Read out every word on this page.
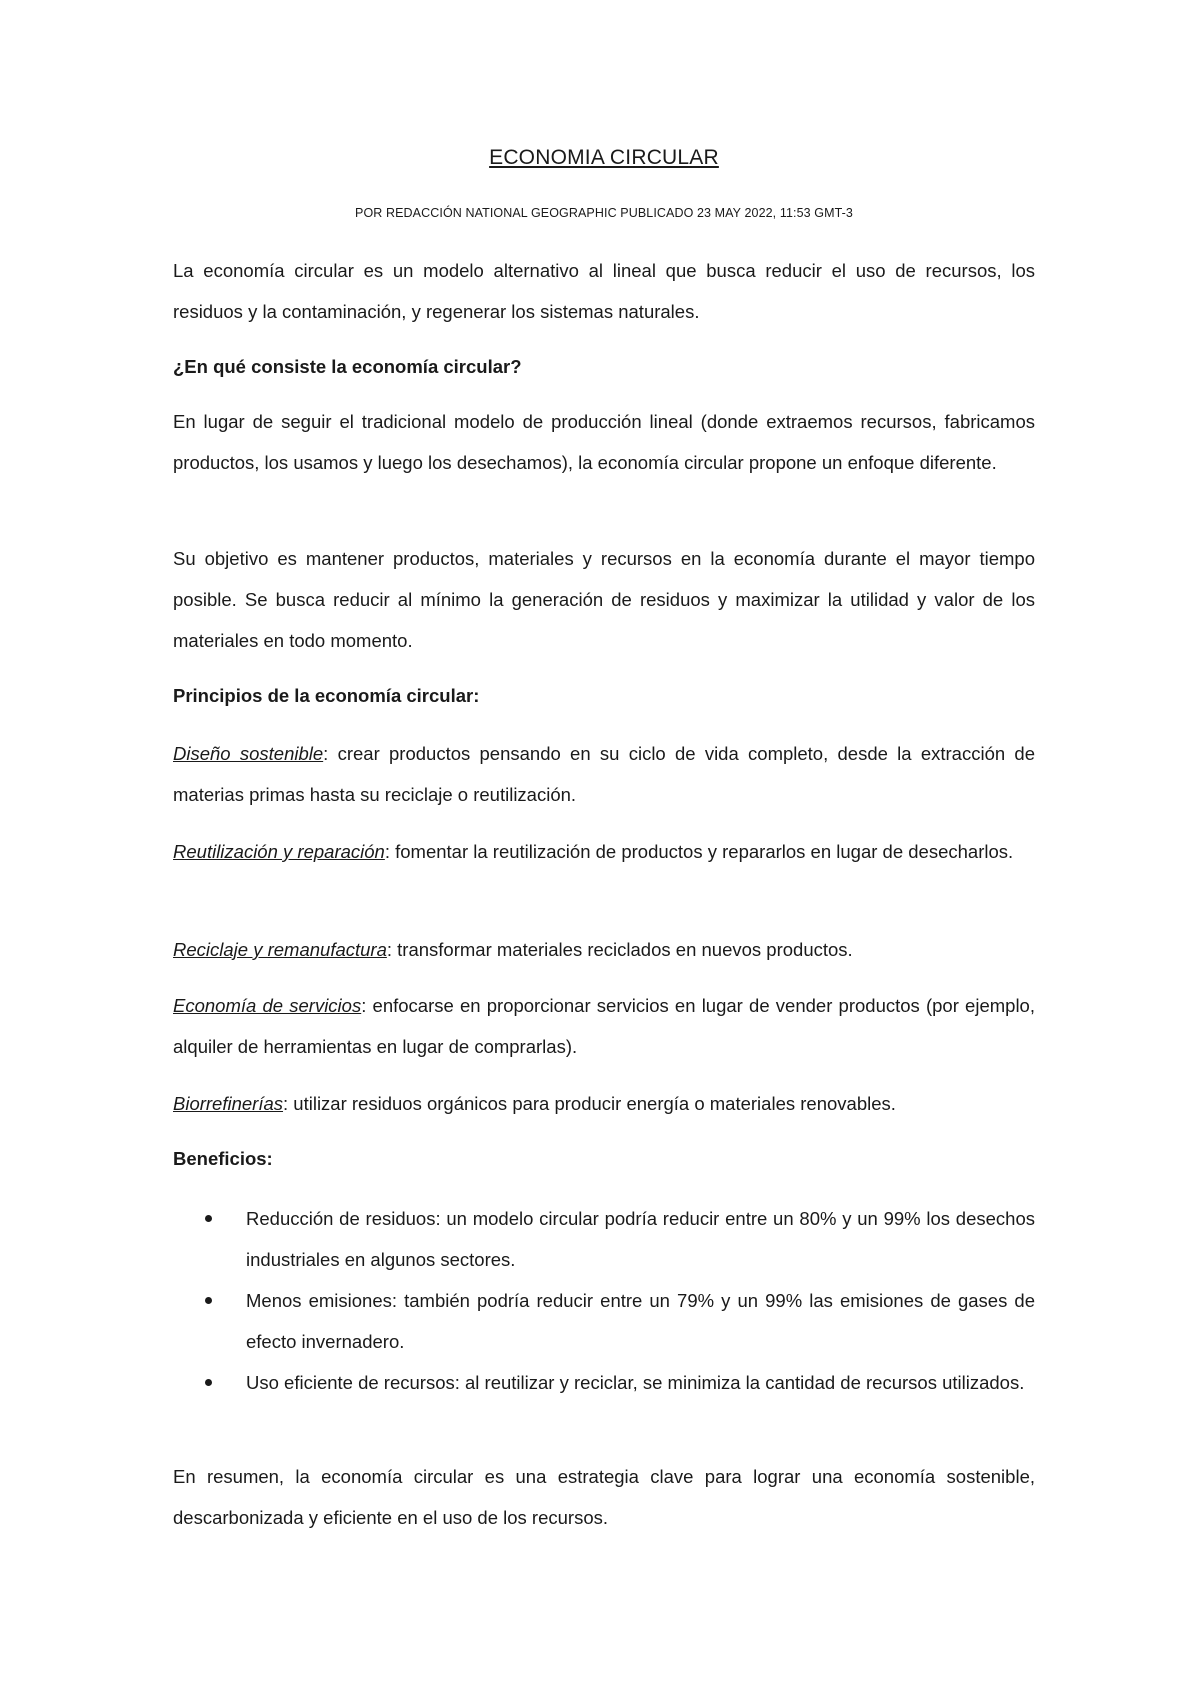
ECONOMIA CIRCULAR
POR REDACCIÓN NATIONAL GEOGRAPHIC PUBLICADO 23 MAY 2022, 11:53 GMT-3

La economía circular es un modelo alternativo al lineal que busca reducir el uso de recursos, los residuos y la contaminación, y regenerar los sistemas naturales.

¿En qué consiste la economía circular?

En lugar de seguir el tradicional modelo de producción lineal (donde extraemos recursos, fabricamos productos, los usamos y luego los desechamos), la economía circular propone un enfoque diferente.

Su objetivo es mantener productos, materiales y recursos en la economía durante el mayor tiempo posible. Se busca reducir al mínimo la generación de residuos y maximizar la utilidad y valor de los materiales en todo momento.

Principios de la economía circular:

Diseño sostenible: crear productos pensando en su ciclo de vida completo, desde la extracción de materias primas hasta su reciclaje o reutilización.

Reutilización y reparación: fomentar la reutilización de productos y repararlos en lugar de desecharlos.

Reciclaje y remanufactura: transformar materiales reciclados en nuevos productos.

Economía de servicios: enfocarse en proporcionar servicios en lugar de vender productos (por ejemplo, alquiler de herramientas en lugar de comprarlas).

Biorrefinerías: utilizar residuos orgánicos para producir energía o materiales renovables.

Beneficios:

Reducción de residuos: un modelo circular podría reducir entre un 80% y un 99% los desechos industriales en algunos sectores.
Menos emisiones: también podría reducir entre un 79% y un 99% las emisiones de gases de efecto invernadero.
Uso eficiente de recursos: al reutilizar y reciclar, se minimiza la cantidad de recursos utilizados.

En resumen, la economía circular es una estrategia clave para lograr una economía sostenible, descarbonizada y eficiente en el uso de los recursos.
